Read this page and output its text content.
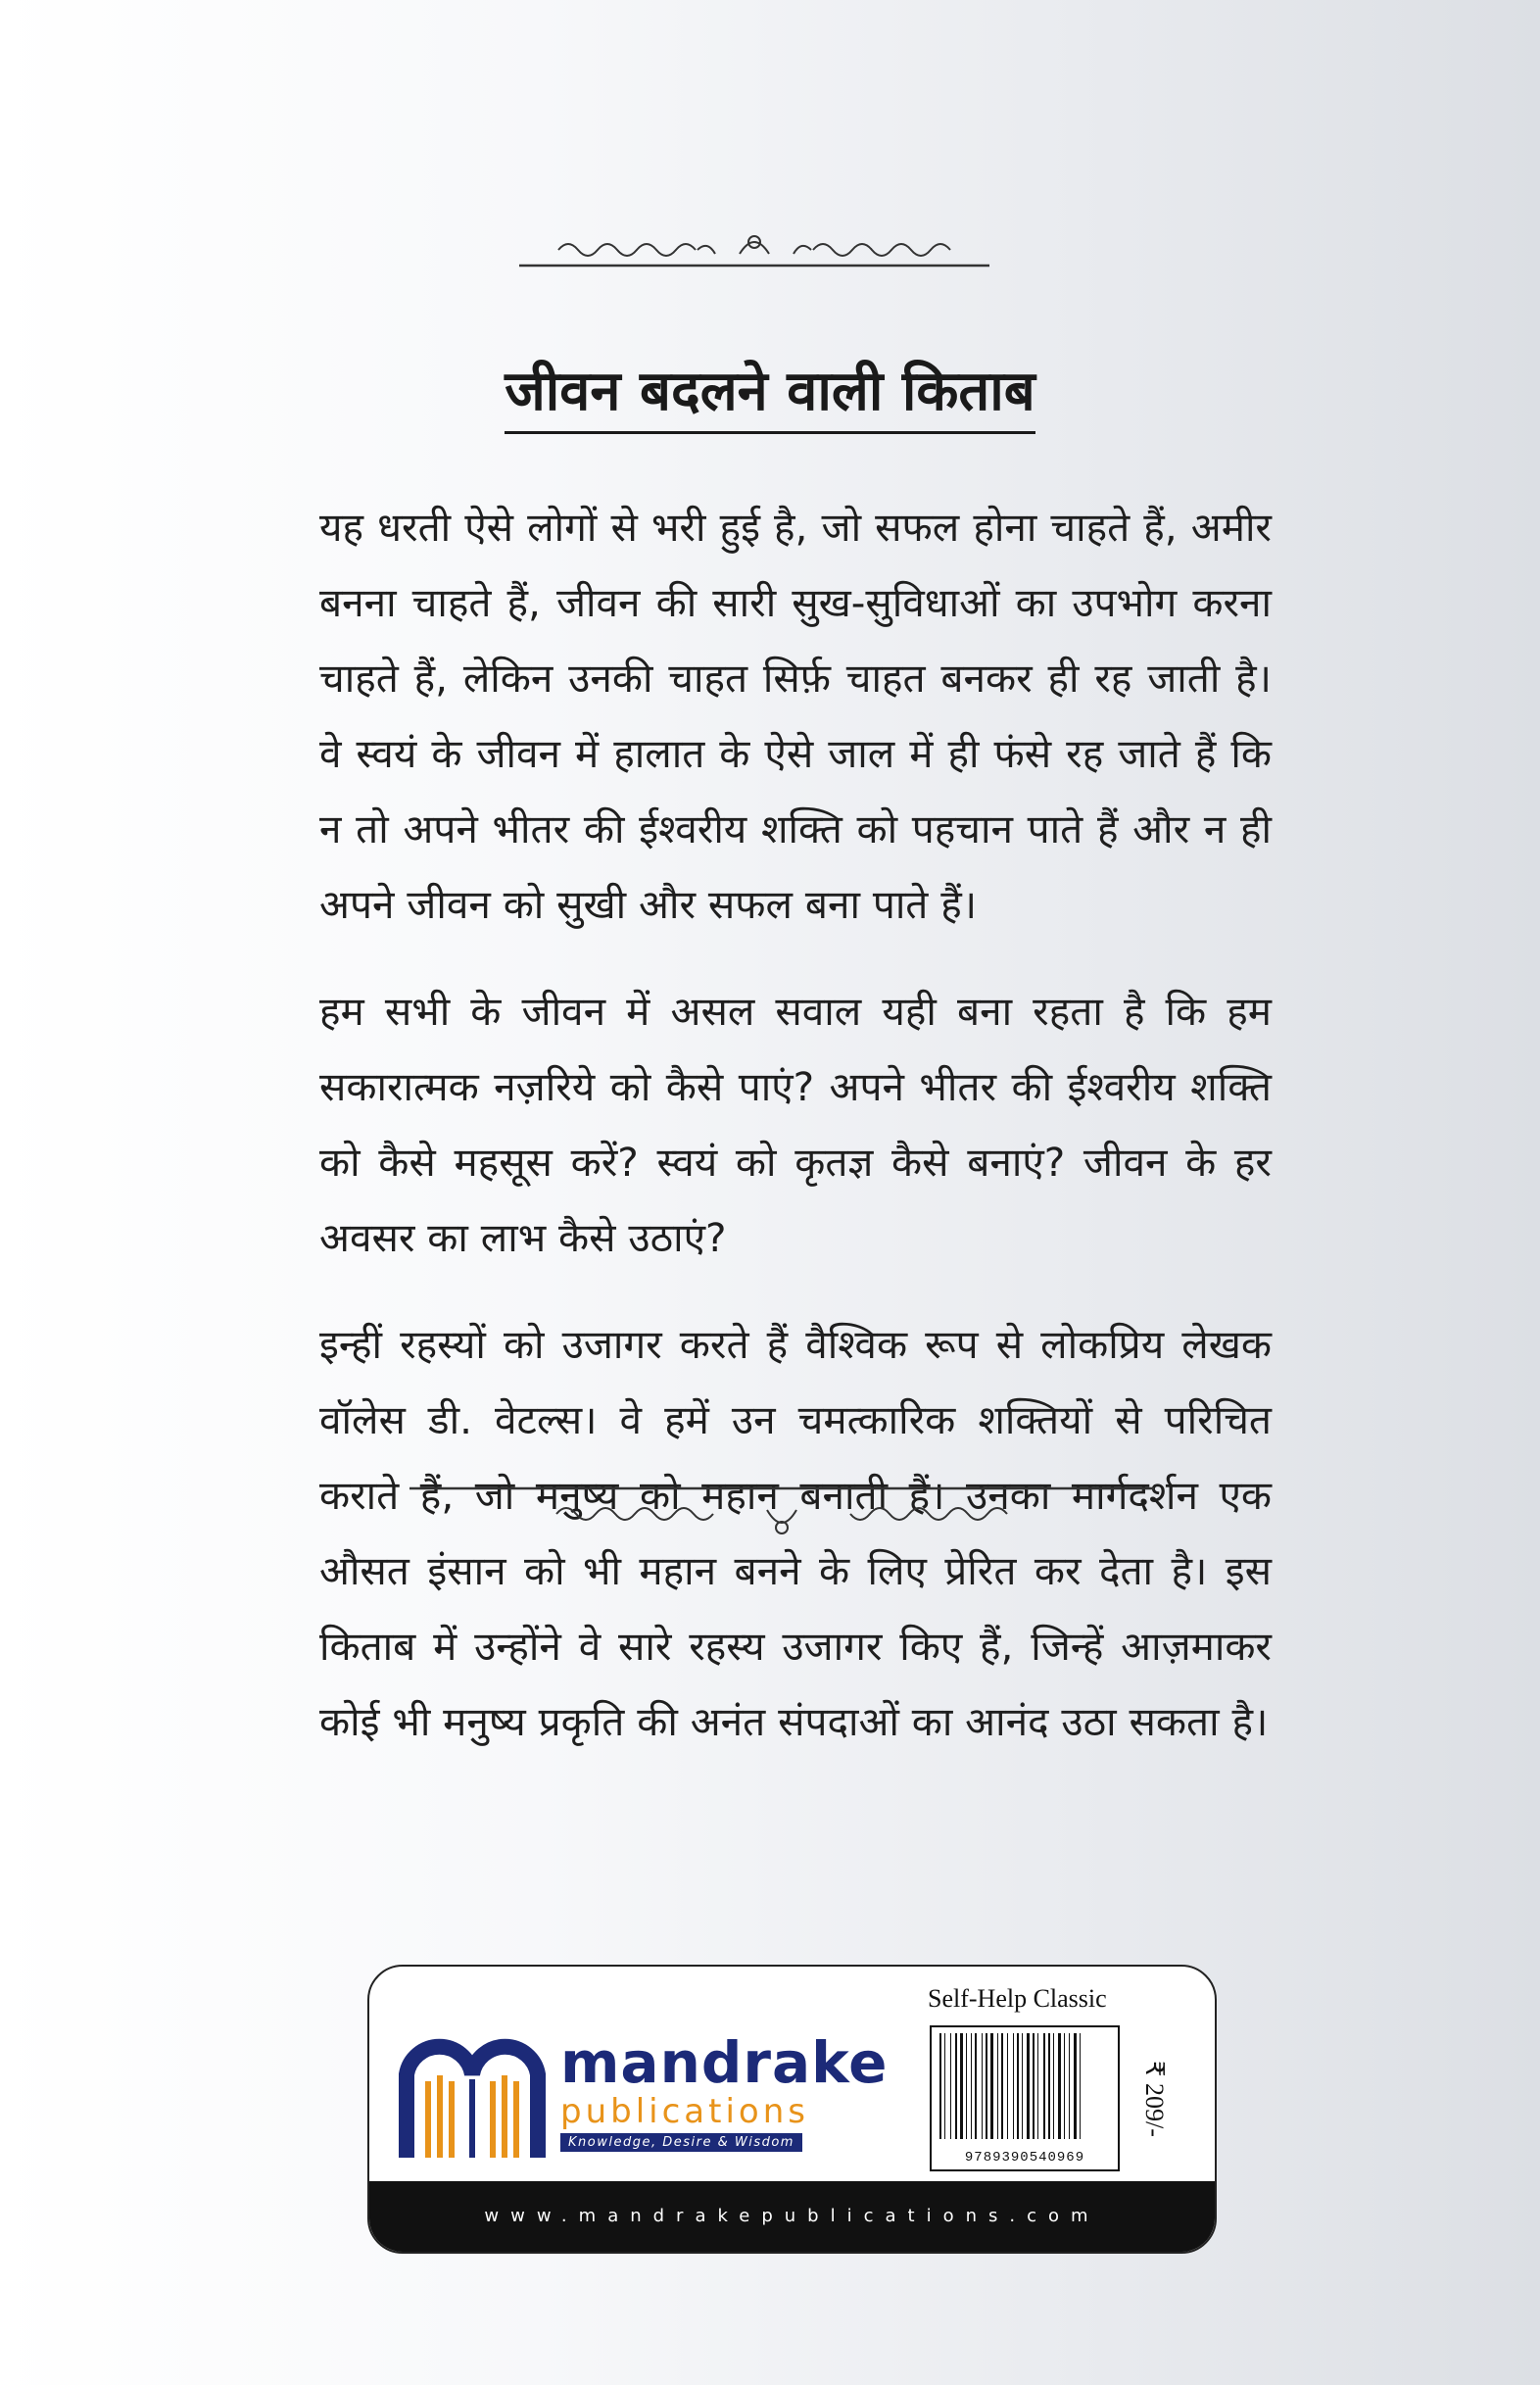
जीवन बदलने वाली किताब

यह धरती ऐसे लोगों से भरी हुई है, जो सफल होना चाहते हैं, अमीर बनना चाहते हैं, जीवन की सारी सुख-सुविधाओं का उपभोग करना चाहते हैं, लेकिन उनकी चाहत सिर्फ़ चाहत बनकर ही रह जाती है। वे स्वयं के जीवन में हालात के ऐसे जाल में ही फंसे रह जाते हैं कि न तो अपने भीतर की ईश्वरीय शक्ति को पहचान पाते हैं और न ही अपने जीवन को सुखी और सफल बना पाते हैं।

हम सभी के जीवन में असल सवाल यही बना रहता है कि हम सकारात्मक नज़रिये को कैसे पाएं? अपने भीतर की ईश्वरीय शक्ति को कैसे महसूस करें? स्वयं को कृतज्ञ कैसे बनाएं? जीवन के हर अवसर का लाभ कैसे उठाएं?

इन्हीं रहस्यों को उजागर करते हैं वैश्विक रूप से लोकप्रिय लेखक वॉलेस डी. वेटल्स। वे हमें उन चमत्कारिक शक्तियों से परिचित कराते हैं, जो मनुष्य को महान बनाती हैं। उनका मार्गदर्शन एक औसत इंसान को भी महान बनने के लिए प्रेरित कर देता है। इस किताब में उन्होंने वे सारे रहस्य उजागर किए हैं, जिन्हें आज़माकर कोई भी मनुष्य प्रकृति की अनंत संपदाओं का आनंद उठा सकता है।

mandrake
publications
Knowledge, Desire & Wisdom
Self-Help Classic
9789390540969
₹ 209/-
www.mandrakepublications.com
